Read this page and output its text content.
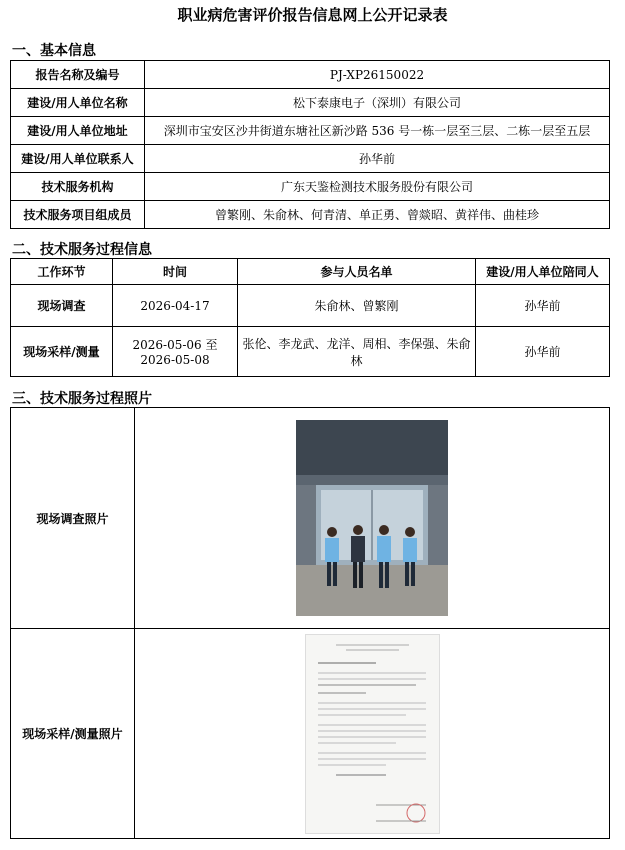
职业病危害评价报告信息网上公开记录表
一、基本信息
报告名称及编号	PJ-XP26150022
建设/用人单位名称	松下泰康电子（深圳）有限公司
建设/用人单位地址	深圳市宝安区沙井街道东塘社区新沙路 536 号一栋一层至三层、二栋一层至五层
建设/用人单位联系人	孙华前
技术服务机构	广东天鉴检测技术服务股份有限公司
技术服务项目组成员	曾繁刚、朱俞林、何青清、单正勇、曾燚昭、黄祥伟、曲桂珍
二、技术服务过程信息
工作环节	时间	参与人员名单	建设/用人单位陪同人
现场调查	2026-04-17	朱俞林、曾繁刚	孙华前
现场采样/测量	2026-05-06 至 2026-05-08	张伦、李龙武、龙洋、周相、李保强、朱俞林	孙华前
三、技术服务过程照片
现场调查照片	

现场采样/测量照片	
